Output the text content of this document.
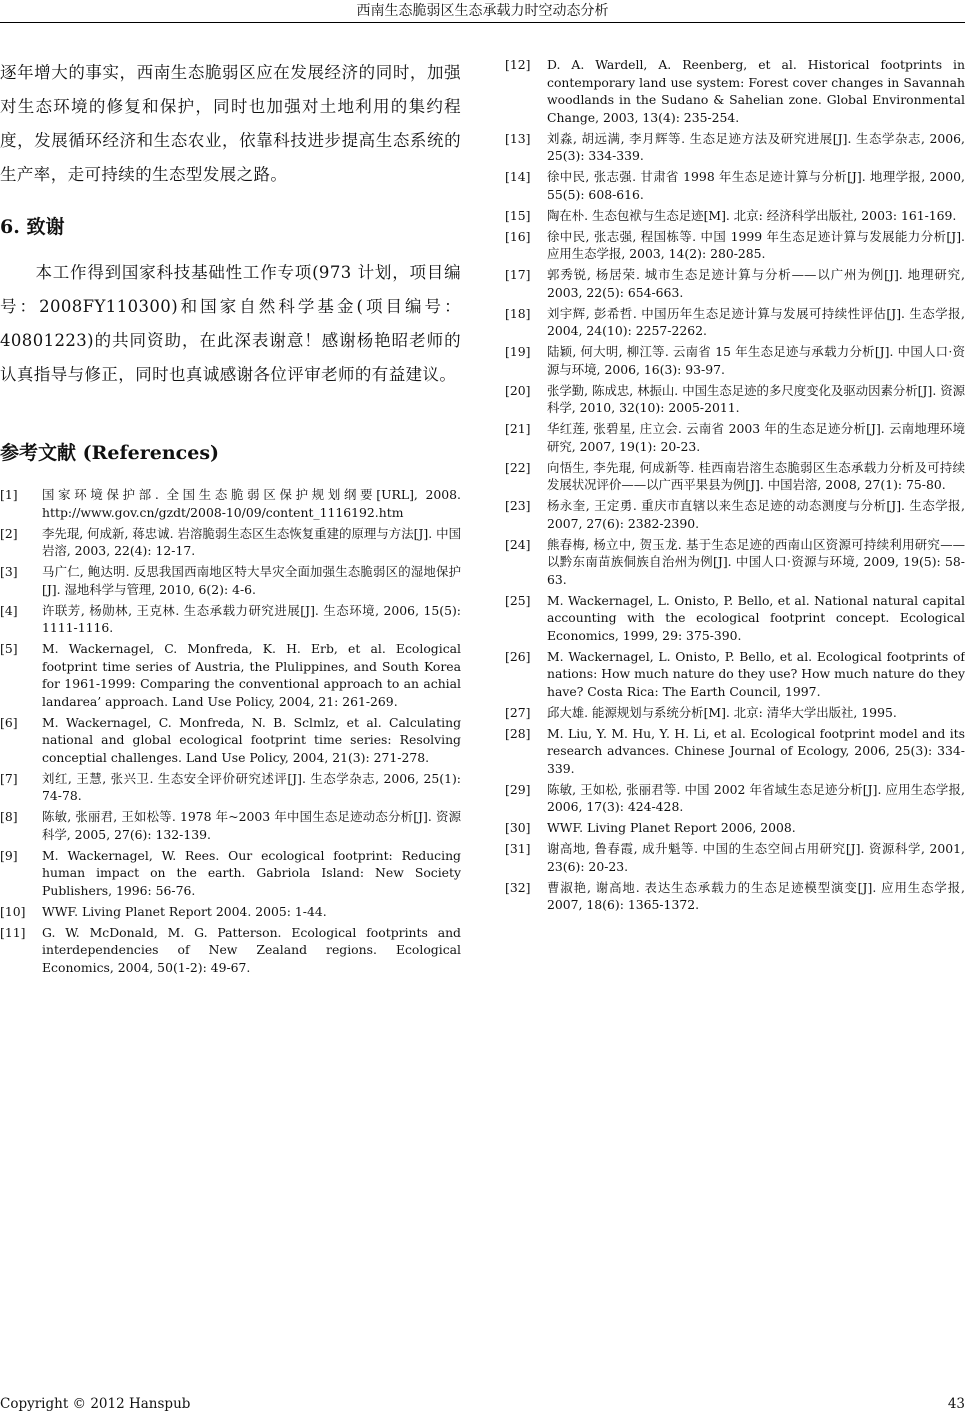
西南生态脆弱区生态承载力时空动态分析

逐年增大的事实，西南生态脆弱区应在发展经济的同时，加强对生态环境的修复和保护，同时也加强对土地利用的集约程度，发展循环经济和生态农业，依靠科技进步提高生态系统的生产率，走可持续的生态型发展之路。

6. 致谢

本工作得到国家科技基础性工作专项(973 计划，项目编号：2008FY110300)和国家自然科学基金(项目编号：40801223)的共同资助，在此深表谢意！感谢杨艳昭老师的认真指导与修正，同时也真诚感谢各位评审老师的有益建议。

参考文献 (References)
[1]	国家环境保护部. 全国生态脆弱区保护规划纲要[URL], 2008. http://www.gov.cn/gzdt/2008-10/09/content_1116192.htm
[2]	李先琨, 何成新, 蒋忠诚. 岩溶脆弱生态区生态恢复重建的原理与方法[J]. 中国岩溶, 2003, 22(4): 12-17.
[3]	马广仁, 鲍达明. 反思我国西南地区特大旱灾全面加强生态脆弱区的湿地保护[J]. 湿地科学与管理, 2010, 6(2): 4-6.
[4]	许联芳, 杨勋林, 王克林. 生态承载力研究进展[J]. 生态环境, 2006, 15(5): 1111-1116.
[5]	M. Wackernagel, C. Monfreda, K. H. Erb, et al. Ecological footprint time series of Austria, the Plulippines, and South Korea for 1961-1999: Comparing the conventional approach to an achial landarea’ approach. Land Use Policy, 2004, 21: 261-269.
[6]	M. Wackernagel, C. Monfreda, N. B. Sclmlz, et al. Calculating national and global ecological footprint time series: Resolving conceptial challenges. Land Use Policy, 2004, 21(3): 271-278.
[7]	刘红, 王慧, 张兴卫. 生态安全评价研究述评[J]. 生态学杂志, 2006, 25(1): 74-78.
[8]	陈敏, 张丽君, 王如松等. 1978 年~2003 年中国生态足迹动态分析[J]. 资源科学, 2005, 27(6): 132-139.
[9]	M. Wackernagel, W. Rees. Our ecological footprint: Reducing human impact on the earth. Gabriola Island: New Society Publishers, 1996: 56-76.
[10]	WWF. Living Planet Report 2004. 2005: 1-44.
[11]	G. W. McDonald, M. G. Patterson. Ecological footprints and interdependencies of New Zealand regions. Ecological Economics, 2004, 50(1-2): 49-67.
[12]	D. A. Wardell, A. Reenberg, et al. Historical footprints in contemporary land use system: Forest cover changes in Savannah woodlands in the Sudano & Sahelian zone. Global Environmental Change, 2003, 13(4): 235-254.
[13]	刘淼, 胡远满, 李月辉等. 生态足迹方法及研究进展[J]. 生态学杂志, 2006, 25(3): 334-339.
[14]	徐中民, 张志强. 甘肃省 1998 年生态足迹计算与分析[J]. 地理学报, 2000, 55(5): 608-616.
[15]	陶在朴. 生态包袱与生态足迹[M]. 北京: 经济科学出版社, 2003: 161-169.
[16]	徐中民, 张志强, 程国栋等. 中国 1999 年生态足迹计算与发展能力分析[J]. 应用生态学报, 2003, 14(2): 280-285.
[17]	郭秀锐, 杨居荣. 城市生态足迹计算与分析——以广州为例[J]. 地理研究, 2003, 22(5): 654-663.
[18]	刘宇辉, 彭希哲. 中国历年生态足迹计算与发展可持续性评估[J]. 生态学报, 2004, 24(10): 2257-2262.
[19]	陆颖, 何大明, 柳江等. 云南省 15 年生态足迹与承载力分析[J]. 中国人口·资源与环境, 2006, 16(3): 93-97.
[20]	张学勤, 陈成忠, 林振山. 中国生态足迹的多尺度变化及驱动因素分析[J]. 资源科学, 2010, 32(10): 2005-2011.
[21]	华红莲, 张碧星, 庄立会. 云南省 2003 年的生态足迹分析[J]. 云南地理环境研究, 2007, 19(1): 20-23.
[22]	向悟生, 李先琨, 何成新等. 桂西南岩溶生态脆弱区生态承载力分析及可持续发展状况评价——以广西平果县为例[J]. 中国岩溶, 2008, 27(1): 75-80.
[23]	杨永奎, 王定勇. 重庆市直辖以来生态足迹的动态测度与分析[J]. 生态学报, 2007, 27(6): 2382-2390.
[24]	熊春梅, 杨立中, 贺玉龙. 基于生态足迹的西南山区资源可持续利用研究——以黔东南苗族侗族自治州为例[J]. 中国人口·资源与环境, 2009, 19(5): 58-63.
[25]	M. Wackernagel, L. Onisto, P. Bello, et al. National natural capital accounting with the ecological footprint concept. Ecological Economics, 1999, 29: 375-390.
[26]	M. Wackernagel, L. Onisto, P. Bello, et al. Ecological footprints of nations: How much nature do they use? How much nature do they have? Costa Rica: The Earth Council, 1997.
[27]	邱大雄. 能源规划与系统分析[M]. 北京: 清华大学出版社, 1995.
[28]	M. Liu, Y. M. Hu, Y. H. Li, et al. Ecological footprint model and its research advances. Chinese Journal of Ecology, 2006, 25(3): 334-339.
[29]	陈敏, 王如松, 张丽君等. 中国 2002 年省域生态足迹分析[J]. 应用生态学报, 2006, 17(3): 424-428.
[30]	WWF. Living Planet Report 2006, 2008.
[31]	谢高地, 鲁春霞, 成升魁等. 中国的生态空间占用研究[J]. 资源科学, 2001, 23(6): 20-23.
[32]	曹淑艳, 谢高地. 表达生态承载力的生态足迹模型演变[J]. 应用生态学报, 2007, 18(6): 1365-1372.
Copyright © 2012 Hanspub	43
